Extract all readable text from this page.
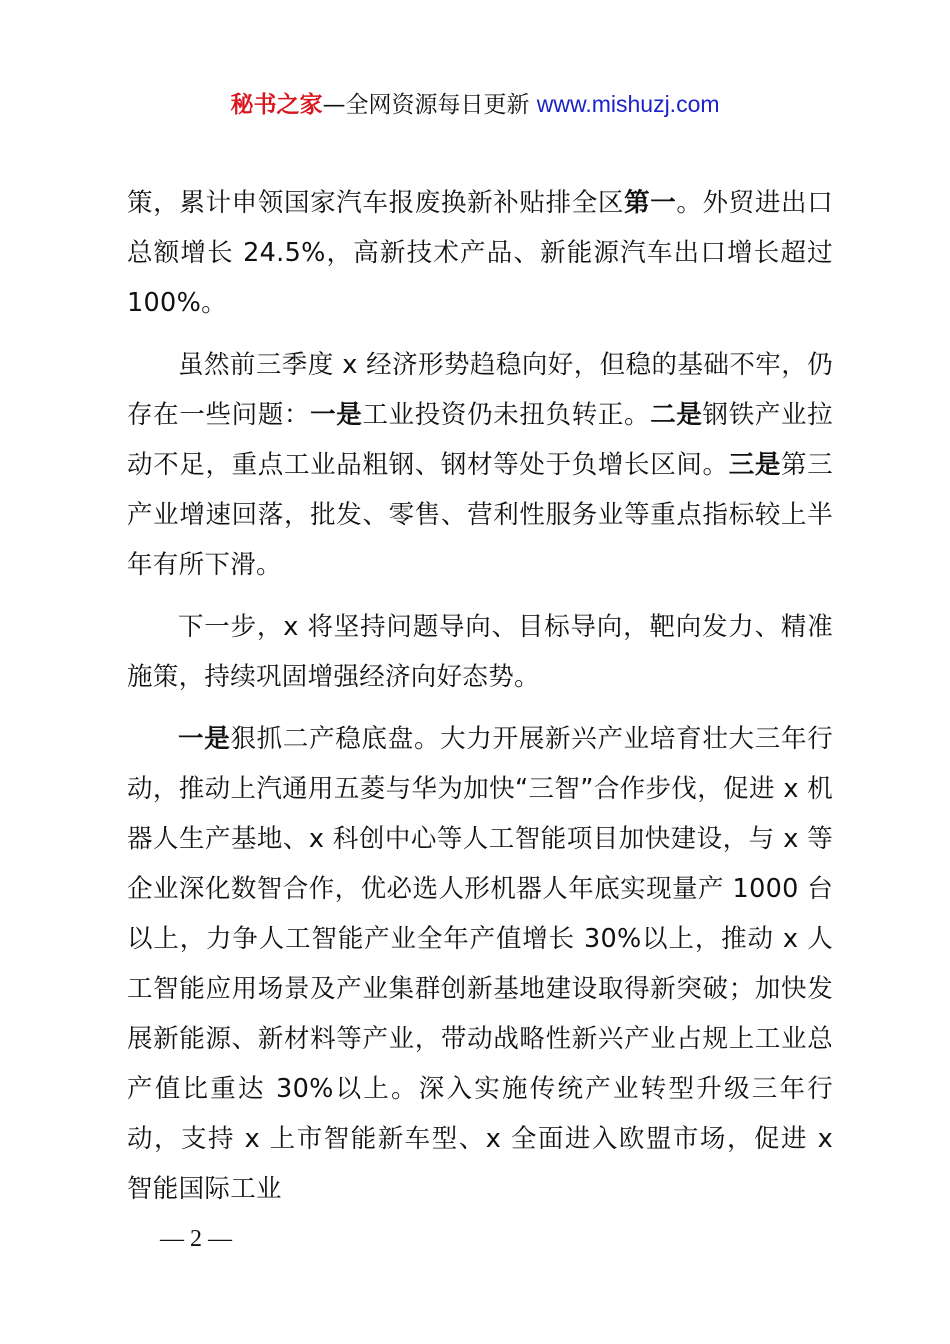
秘书之家—全网资源每日更新 www.mishuzj.com

策，累计申领国家汽车报废换新补贴排全区第一。外贸进出口总额增长 24.5%，高新技术产品、新能源汽车出口增长超过 100%。

虽然前三季度 x 经济形势趋稳向好，但稳的基础不牢，仍存在一些问题：一是工业投资仍未扭负转正。二是钢铁产业拉动不足，重点工业品粗钢、钢材等处于负增长区间。三是第三产业增速回落，批发、零售、营利性服务业等重点指标较上半年有所下滑。

下一步，x 将坚持问题导向、目标导向，靶向发力、精准施策，持续巩固增强经济向好态势。

一是狠抓二产稳底盘。大力开展新兴产业培育壮大三年行动，推动上汽通用五菱与华为加快“三智”合作步伐，促进 x 机器人生产基地、x 科创中心等人工智能项目加快建设，与 x 等企业深化数智合作，优必选人形机器人年底实现量产 1000 台以上，力争人工智能产业全年产值增长 30%以上，推动 x 人工智能应用场景及产业集群创新基地建设取得新突破；加快发展新能源、新材料等产业，带动战略性新兴产业占规上工业总产值比重达 30%以上。深入实施传统产业转型升级三年行动，支持 x 上市智能新车型、x 全面进入欧盟市场，促进 x 智能国际工业

— 2 —
